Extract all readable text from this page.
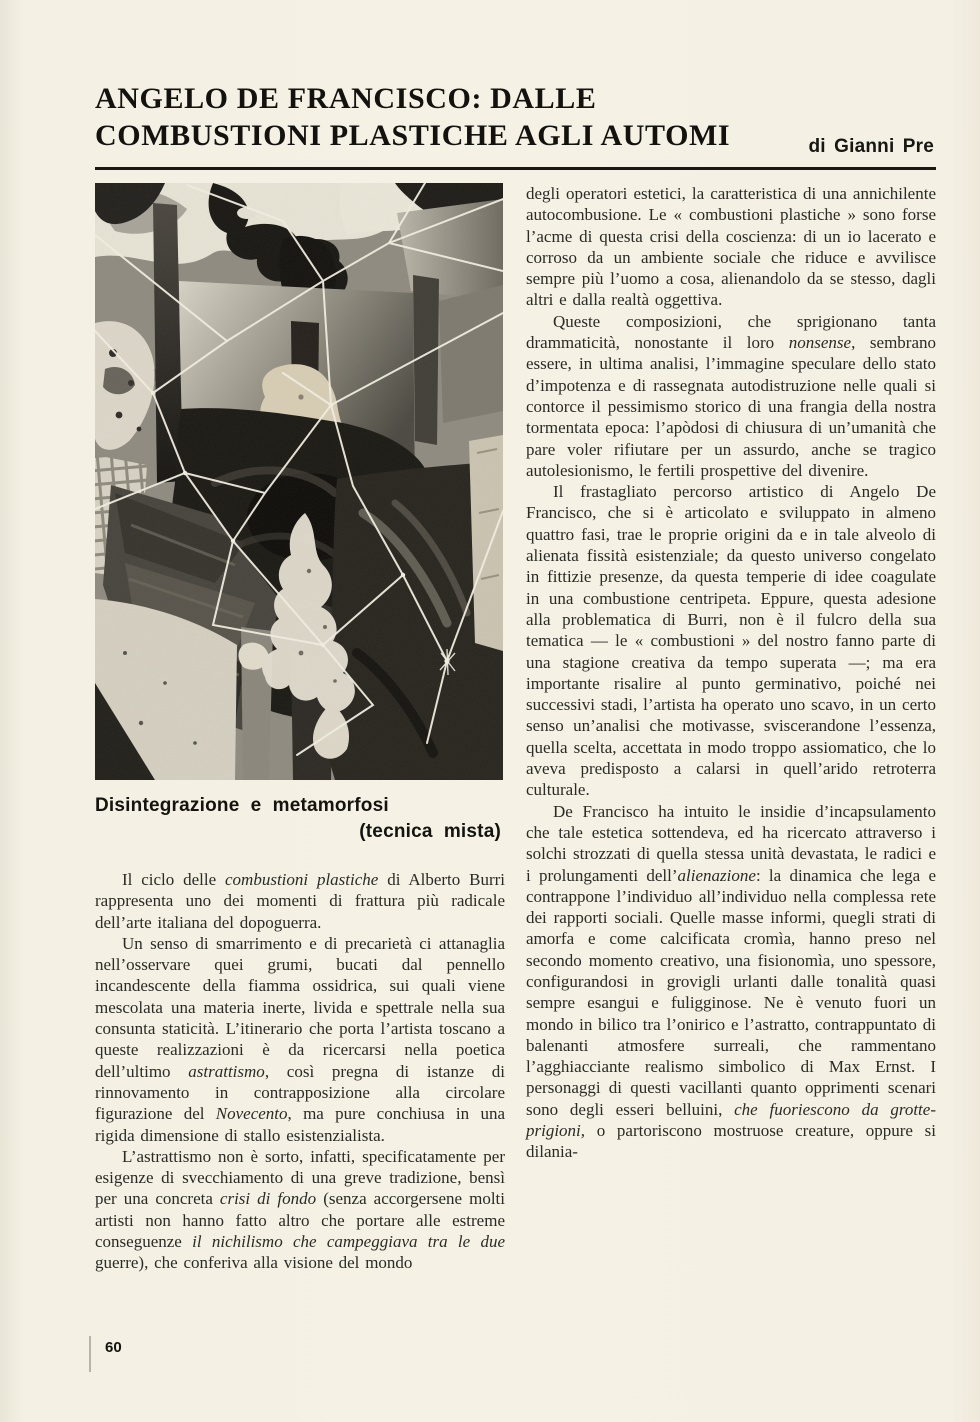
ANGELO DE FRANCISCO: DALLE
COMBUSTIONI PLASTICHE AGLI AUTOMI	di Gianni Pre
Disintegrazione e metamorfosi
(tecnica mista)

Il ciclo delle combustioni plastiche di Alberto Burri rappresenta uno dei momenti di frattura più radicale dell’arte italiana del dopoguerra.

Un senso di smarrimento e di precarietà ci attanaglia nell’osservare quei grumi, bucati dal pennello incandescente della fiamma ossidrica, sui quali viene mescolata una materia inerte, livida e spettrale nella sua consunta staticità. L’itinerario che porta l’artista toscano a queste realizzazioni è da ricercarsi nella poetica dell’ultimo astrattismo, così pregna di istanze di rinnovamento in contrapposizione alla circolare figurazione del Novecento, ma pure conchiusa in una rigida dimensione di stallo esistenzialista.

L’astrattismo non è sorto, infatti, specificatamente per esigenze di svecchiamento di una greve tradizione, bensì per una concreta crisi di fondo (senza accorgersene molti artisti non hanno fatto altro che portare alle estreme conseguenze il nichilismo che campeggiava tra le due guerre), che conferiva alla visione del mondo

degli operatori estetici, la caratteristica di una annichilente autocombusione. Le « combustioni plastiche » sono forse l’acme di questa crisi della coscienza: di un io lacerato e corroso da un ambiente sociale che riduce e avvilisce sempre più l’uomo a cosa, alienandolo da se stesso, dagli altri e dalla realtà oggettiva.

Queste composizioni, che sprigionano tanta drammaticità, nonostante il loro nonsense, sembrano essere, in ultima analisi, l’immagine speculare dello stato d’impotenza e di rassegnata autodistruzione nelle quali si contorce il pessimismo storico di una frangia della nostra tormentata epoca: l’apòdosi di chiusura di un’umanità che pare voler rifiutare per un assurdo, anche se tragico autolesionismo, le fertili prospettive del divenire.

Il frastagliato percorso artistico di Angelo De Francisco, che si è articolato e sviluppato in almeno quattro fasi, trae le proprie origini da e in tale alveolo di alienata fissità esistenziale; da questo universo congelato in fittizie presenze, da questa temperie di idee coagulate in una combustione centripeta. Eppure, questa adesione alla problematica di Burri, non è il fulcro della sua tematica — le « combustioni » del nostro fanno parte di una stagione creativa da tempo superata —; ma era importante risalire al punto germinativo, poiché nei successivi stadi, l’artista ha operato uno scavo, in un certo senso un’analisi che motivasse, sviscerandone l’essenza, quella scelta, accettata in modo troppo assiomatico, che lo aveva predisposto a calarsi in quell’arido retroterra culturale.

De Francisco ha intuito le insidie d’incapsulamento che tale estetica sottendeva, ed ha ricercato attraverso i solchi strozzati di quella stessa unità devastata, le radici e i prolungamenti dell’alienazione: la dinamica che lega e contrappone l’individuo all’individuo nella complessa rete dei rapporti sociali. Quelle masse informi, quegli strati di amorfa e come calcificata cromìa, hanno preso nel secondo momento creativo, una fisionomìa, uno spessore, configurandosi in grovigli urlanti dalle tonalità quasi sempre esangui e fuligginose. Ne è venuto fuori un mondo in bilico tra l’onirico e l’astratto, contrappuntato di balenanti atmosfere surreali, che rammentano l’agghiacciante realismo simbolico di Max Ernst. I personaggi di questi vacillanti quanto opprimenti scenari sono degli esseri belluini, che fuoriescono da grotte-prigioni, o partoriscono mostruose creature, oppure si dilania-

60
